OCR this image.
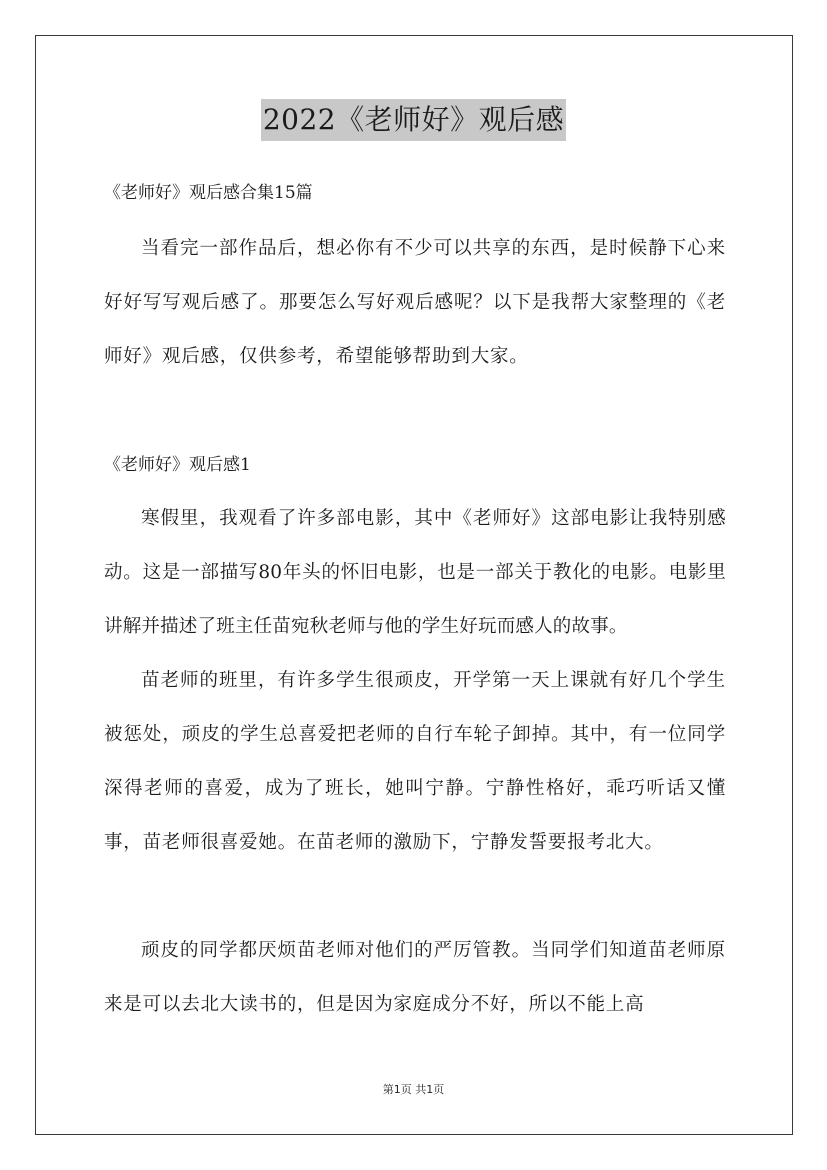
2022《老师好》观后感
《老师好》观后感合集15篇

当看完一部作品后，想必你有不少可以共享的东西，是时候静下心来好好写写观后感了。那要怎么写好观后感呢？以下是我帮大家整理的《老师好》观后感，仅供参考，希望能够帮助到大家。

《老师好》观后感1

寒假里，我观看了许多部电影，其中《老师好》这部电影让我特别感动。这是一部描写80年头的怀旧电影，也是一部关于教化的电影。电影里讲解并描述了班主任苗宛秋老师与他的学生好玩而感人的故事。

苗老师的班里，有许多学生很顽皮，开学第一天上课就有好几个学生被惩处，顽皮的学生总喜爱把老师的自行车轮子卸掉。其中，有一位同学深得老师的喜爱，成为了班长，她叫宁静。宁静性格好，乖巧听话又懂事，苗老师很喜爱她。在苗老师的激励下，宁静发誓要报考北大。

顽皮的同学都厌烦苗老师对他们的严厉管教。当同学们知道苗老师原来是可以去北大读书的，但是因为家庭成分不好，所以不能上高

第1页 共1页
